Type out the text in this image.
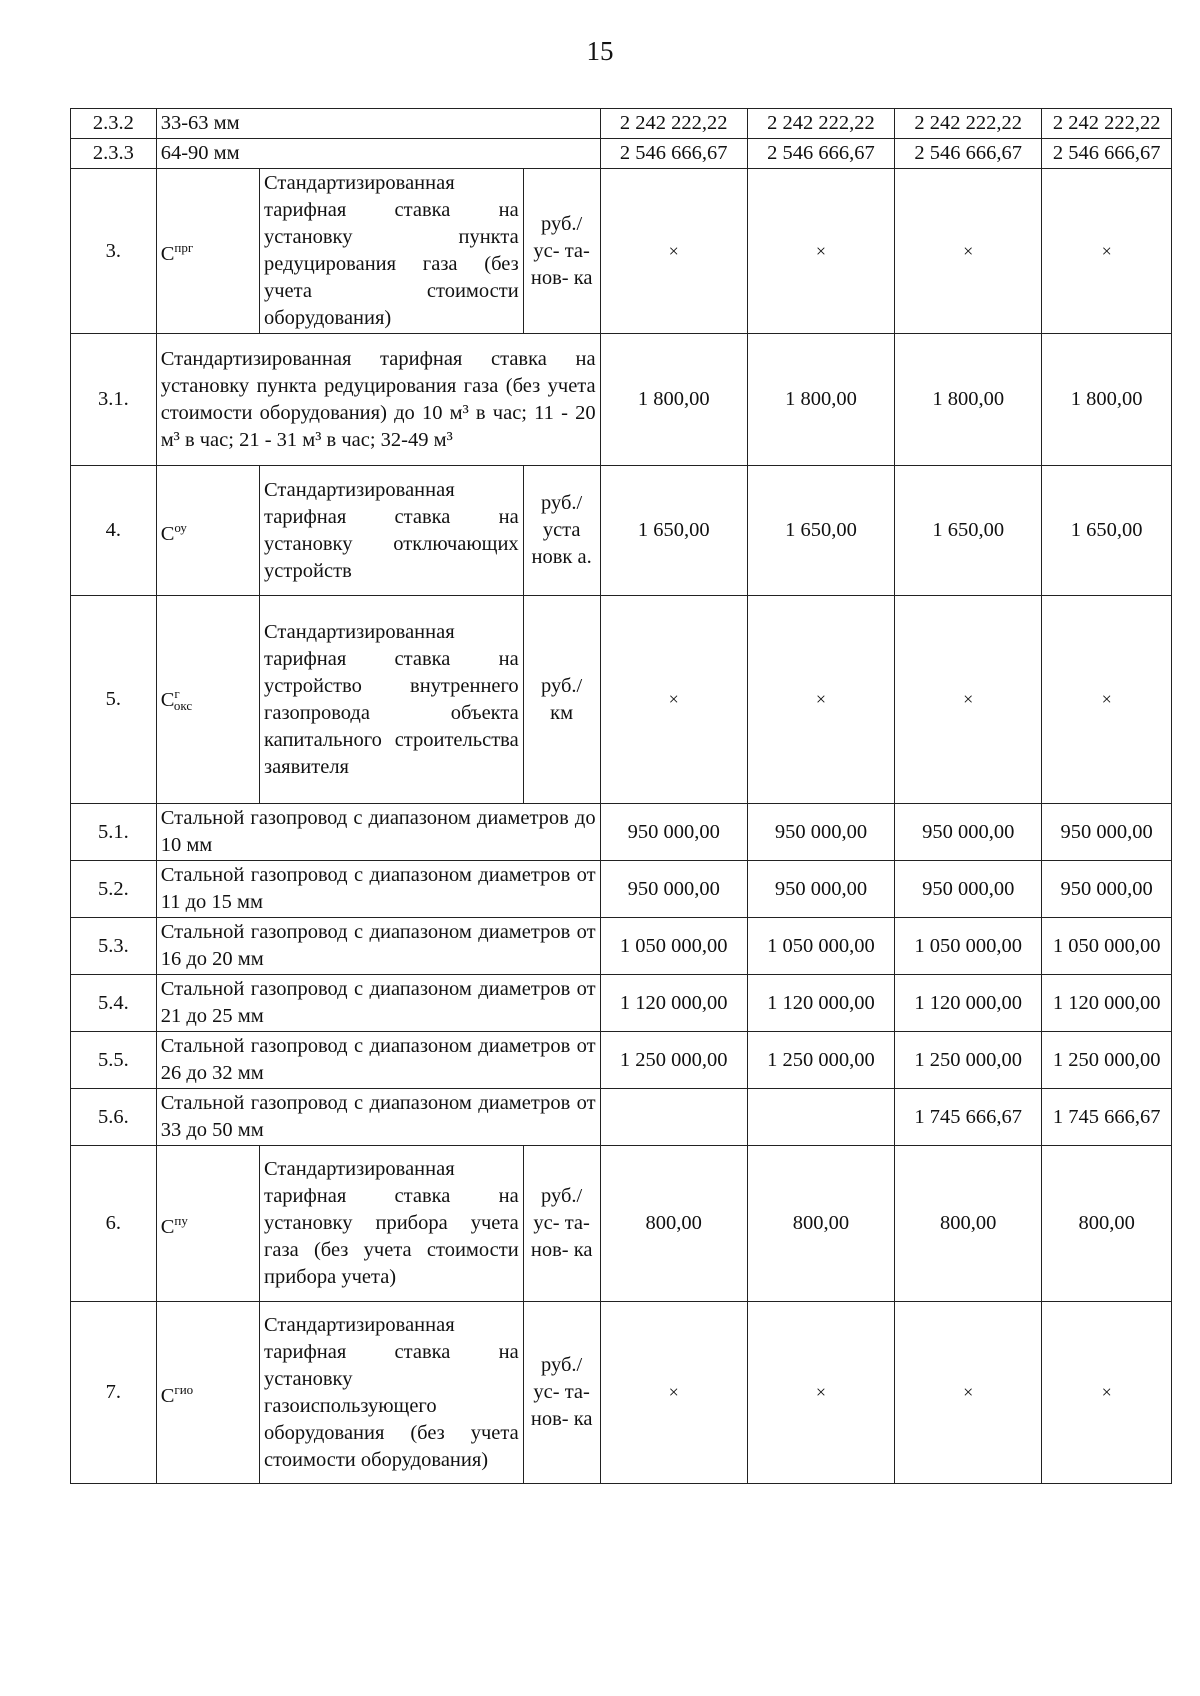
15
2.3.2	33-63 мм			2 242 222,22	2 242 222,22	2 242 222,22	2 242 222,22
2.3.3	64-90 мм			2 546 666,67	2 546 666,67	2 546 666,67	2 546 666,67
3.	$C^{прг}$	Стандартизированная тарифная ставка на установку пункта редуцирования газа (без учета стоимости оборудования)	руб./ ус- та- нов- ка	×	×	×	×
3.1.	Стандартизированная тарифная ставка на установку пункта редуцирования газа (без учета стоимости оборудования) до 10 м³ в час; 11 - 20 м³ в час; 21 - 31 м³ в час; 32-49 м³			1 800,00	1 800,00	1 800,00	1 800,00
4.	$C^{оу}$	Стандартизированная тарифная ставка на установку отключающих устройств	руб./ уста новк а.	1 650,00	1 650,00	1 650,00	1 650,00
5.	$C^г_{окс}$	Стандартизированная тарифная ставка на устройство внутреннего газопровода объекта капитального строительства заявителя	руб./ км	×	×	×	×
5.1.	Стальной газопровод с диапазоном диаметров до 10 мм			950 000,00	950 000,00	950 000,00	950 000,00
5.2.	Стальной газопровод с диапазоном диаметров от 11 до 15 мм			950 000,00	950 000,00	950 000,00	950 000,00
5.3.	Стальной газопровод с диапазоном диаметров от 16 до 20 мм			1 050 000,00	1 050 000,00	1 050 000,00	1 050 000,00
5.4.	Стальной газопровод с диапазоном диаметров от 21 до 25 мм			1 120 000,00	1 120 000,00	1 120 000,00	1 120 000,00
5.5.	Стальной газопровод с диапазоном диаметров от 26 до 32 мм			1 250 000,00	1 250 000,00	1 250 000,00	1 250 000,00
5.6.	Стальной газопровод с диапазоном диаметров от 33 до 50 мм					1 745 666,67	1 745 666,67
6.	$C^{пу}$	Стандартизированная тарифная ставка на установку прибора учета газа (без учета стоимости прибора учета)	руб./ ус- та- нов- ка	800,00	800,00	800,00	800,00
7.	$C^{гио}$	Стандартизированная тарифная ставка на установку газоиспользующего оборудования (без учета стоимости оборудования)	руб./ ус- та- нов- ка	×	×	×	×
